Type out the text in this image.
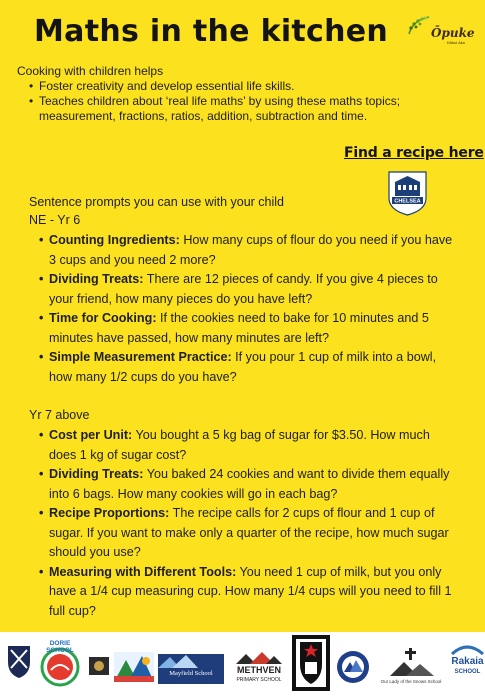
Maths in the kitchen	Ōpuke
Kāhui Ako

Cooking with children helps

• Foster creativity and develop essential life skills.
• Teaches children about ‘real life maths’ by using these maths topics; measurement, fractions, ratios, addition, subtraction and time.
Find a recipe here
CHELSEA

Sentence prompts you can use with your child

NE - Yr 6

• Counting Ingredients: How many cups of flour do you need if you have 3 cups and you need 2 more?
• Dividing Treats: There are 12 pieces of candy. If you give 4 pieces to your friend, how many pieces do you have left?
• Time for Cooking: If the cookies need to bake for 10 minutes and 5 minutes have passed, how many minutes are left?
• Simple Measurement Practice: If you pour 1 cup of milk into a bowl, how many 1/2 cups do you have?

Yr 7 above

• Cost per Unit: You bought a 5 kg bag of sugar for $3.50. How much does 1 kg of sugar cost?
• Dividing Treats: You baked 24 cookies and want to divide them equally into 6 bags. How many cookies will go in each bag?
• Recipe Proportions: The recipe calls for 2 cups of flour and 1 cup of sugar. If you want to make only a quarter of the recipe, how much sugar should you use?
• Measuring with Different Tools: You need 1 cup of milk, but you only have a 1/4 cup measuring cup. How many 1/4 cups will you need to fill 1 full cup?
DORIE SCHOOL
Mayfield School	METHVEN
PRIMARY SCHOOL	Our Lady of the Snows School
Rakaia
SCHOOL
